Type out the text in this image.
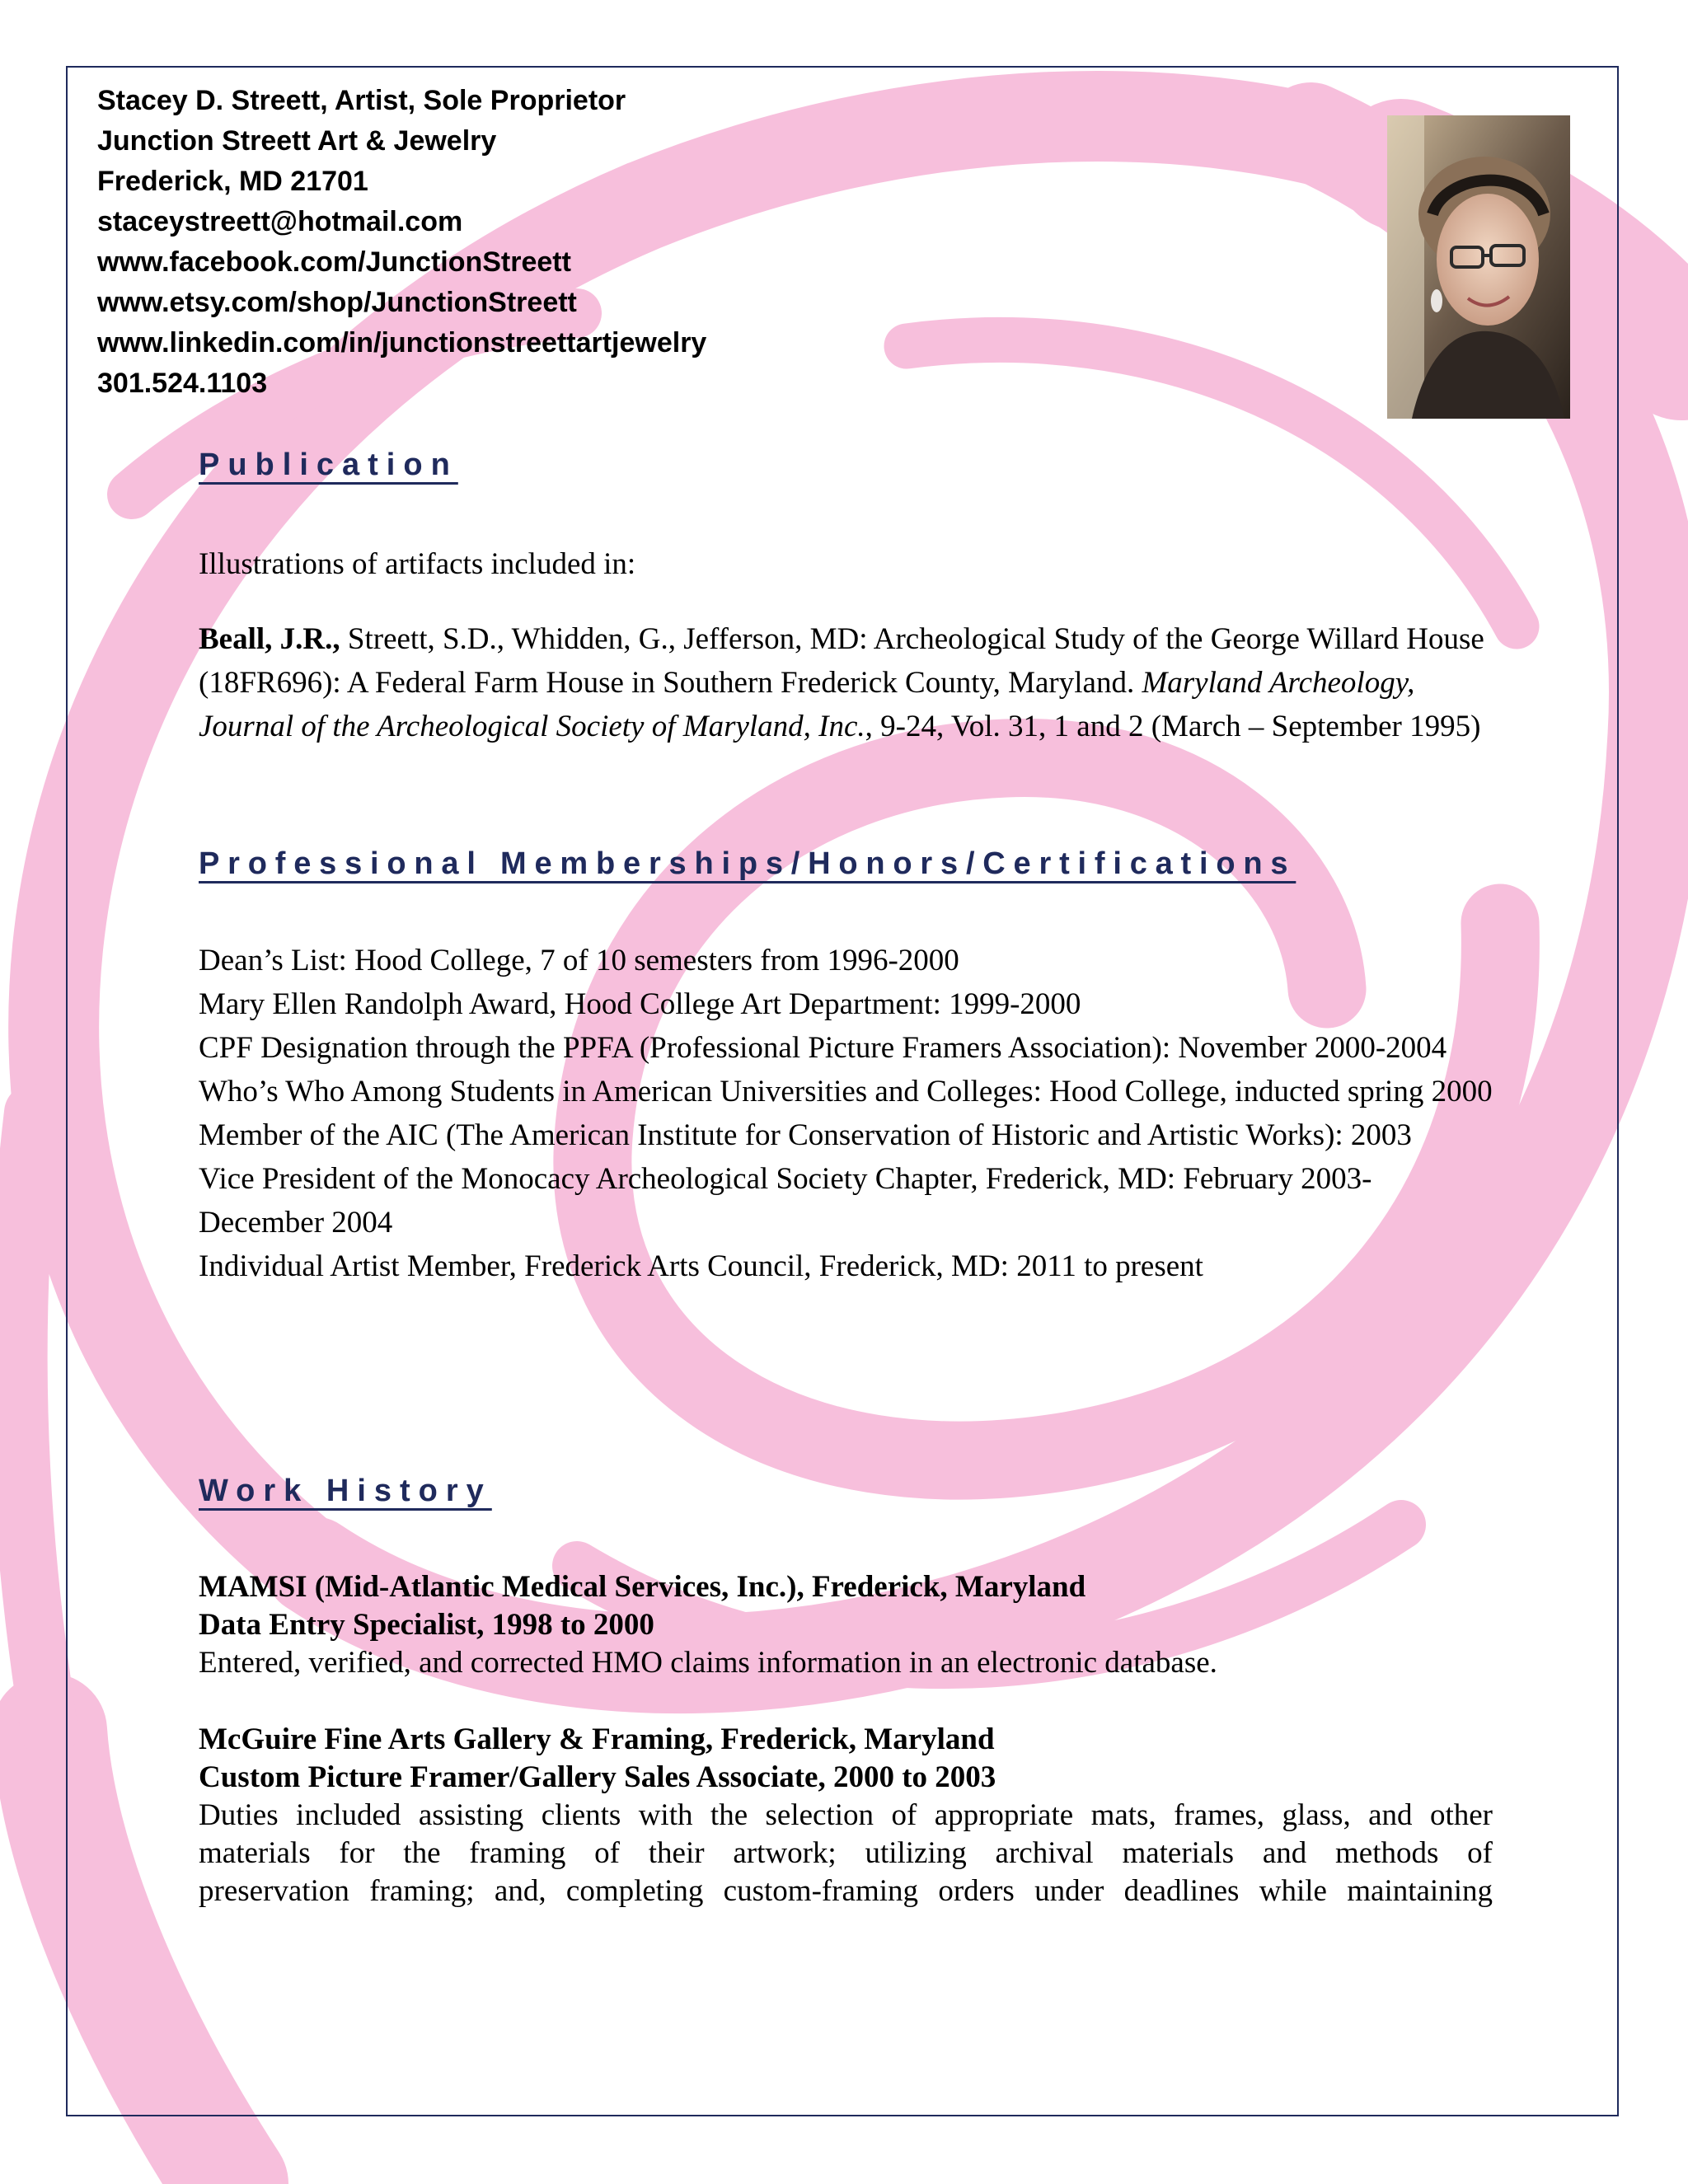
Stacey D. Streett, Artist, Sole Proprietor
Junction Streett Art & Jewelry
Frederick, MD 21701
staceystreett@hotmail.com
www.facebook.com/JunctionStreett
www.etsy.com/shop/JunctionStreett
www.linkedin.com/in/junctionstreettartjewelry
301.524.1103
Publication
Illustrations of artifacts included in:
Beall, J.R., Streett, S.D., Whidden, G., Jefferson, MD: Archeological Study of the George Willard House (18FR696): A Federal Farm House in Southern Frederick County, Maryland. Maryland Archeology, Journal of the Archeological Society of Maryland, Inc., 9-24, Vol. 31, 1 and 2 (March – September 1995)
Professional Memberships/Honors/Certifications
Dean’s List: Hood College, 7 of 10 semesters from 1996-2000
Mary Ellen Randolph Award, Hood College Art Department: 1999-2000
CPF Designation through the PPFA (Professional Picture Framers Association): November 2000-2004
Who’s Who Among Students in American Universities and Colleges: Hood College, inducted spring 2000
Member of the AIC (The American Institute for Conservation of Historic and Artistic Works): 2003
Vice President of the Monocacy Archeological Society Chapter, Frederick, MD: February 2003-December 2004
Individual Artist Member, Frederick Arts Council, Frederick, MD: 2011 to present
Work History
MAMSI (Mid-Atlantic Medical Services, Inc.), Frederick, Maryland
Data Entry Specialist, 1998 to 2000
Entered, verified, and corrected HMO claims information in an electronic database.
McGuire Fine Arts Gallery & Framing, Frederick, Maryland
Custom Picture Framer/Gallery Sales Associate, 2000 to 2003
Duties included assisting clients with the selection of appropriate mats, frames, glass, and other
materials for the framing of their artwork; utilizing archival materials and methods of
preservation framing; and, completing custom-framing orders under deadlines while maintaining
